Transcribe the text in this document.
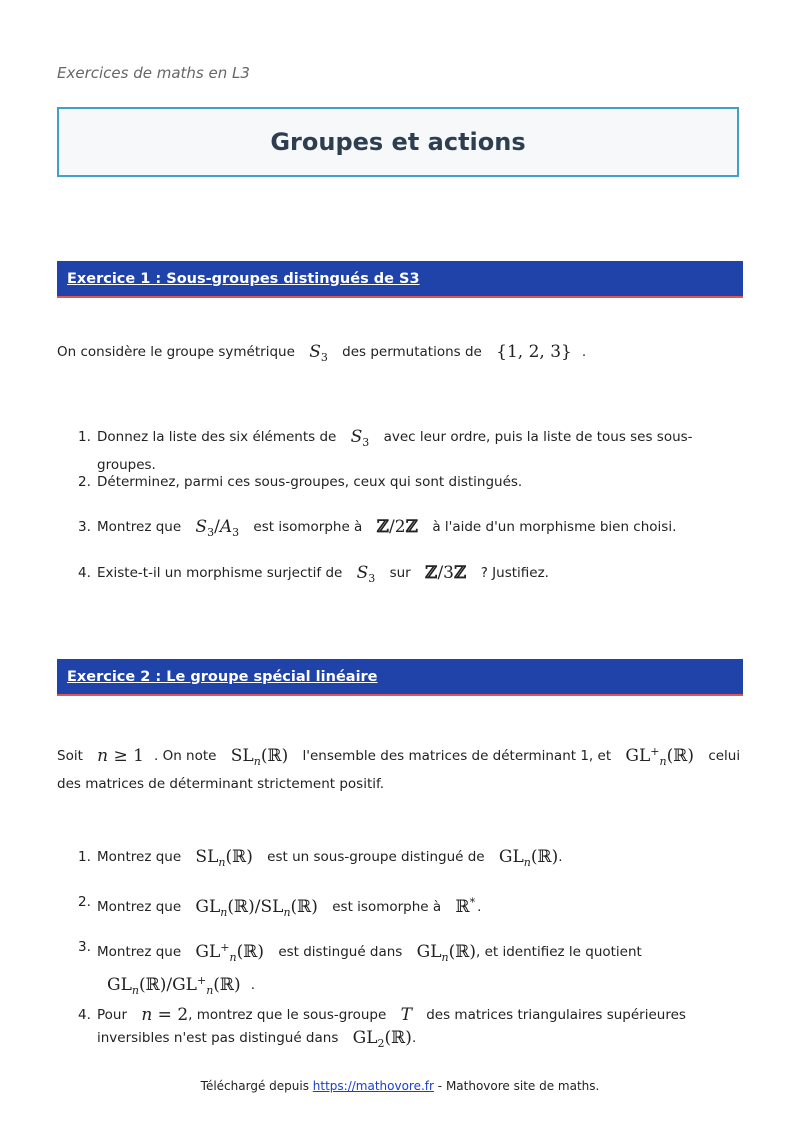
Exercices de maths en L3
Groupes et actions
Exercice 1 : Sous-groupes distingués de S3
On considère le groupe symétrique $S_3$ des permutations de {1, 2, 3} .
1. Donnez la liste des six éléments de $S_3$ avec leur ordre, puis la liste de tous ses sous-groupes.
2. Déterminez, parmi ces sous-groupes, ceux qui sont distingués.
3. Montrez que $S_3/A_3$ est isomorphe à ℤ/2ℤ à l'aide d'un morphisme bien choisi.
4. Existe-t-il un morphisme surjectif de $S_3$ sur ℤ/3ℤ ? Justifiez.
Exercice 2 : Le groupe spécial linéaire
Soit n ≥ 1 . On note $SL_n(ℝ)$ l'ensemble des matrices de déterminant 1, et $GL^+_n(ℝ)$ celui des matrices de déterminant strictement positif.
1. Montrez que $SL_n(ℝ)$ est un sous-groupe distingué de $GL_n(ℝ)$.
2. Montrez que $GL_n(ℝ)/SL_n(ℝ)$ est isomorphe à ℝ* .
3. Montrez que $GL^+_n(ℝ)$ est distingué dans $GL_n(ℝ)$, et identifiez le quotient
$GL_n(ℝ)/GL^+_n(ℝ)$ .
4. Pour n = 2, montrez que le sous-groupe T des matrices triangulaires supérieures inversibles n'est pas distingué dans $GL_2(ℝ)$.
Téléchargé depuis https://mathovore.fr - Mathovore site de maths.
